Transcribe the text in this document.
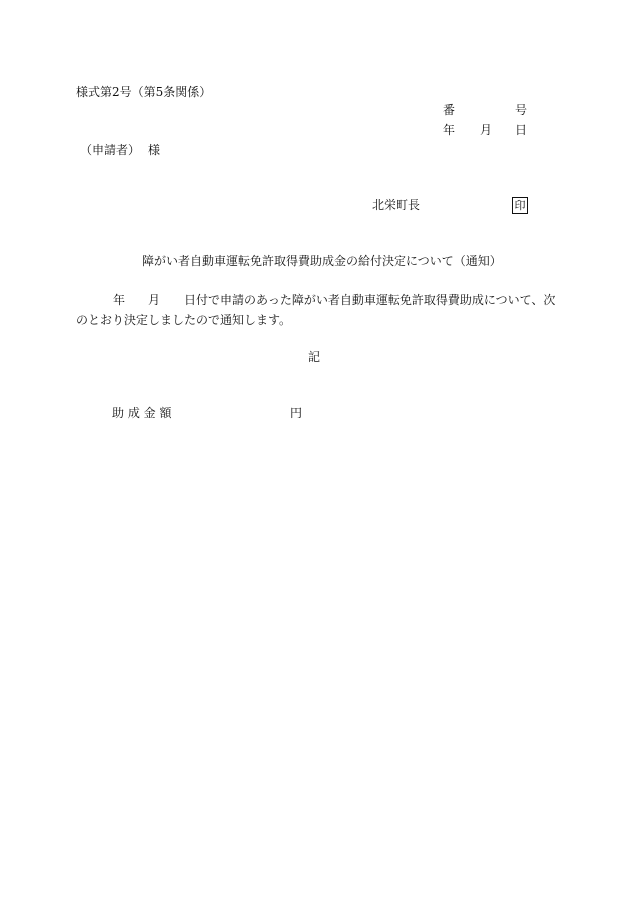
様式第2号（第5条関係）
番	号
年 月 日
（申請者） 様
北栄町長	印
障がい者自動車運転免許取得費助成金の給付決定について（通知）
年 月 日付で申請のあった障がい者自動車運転免許取得費助成について、次
のとおり決定しましたので通知します。
記
助 成 金 額	円
